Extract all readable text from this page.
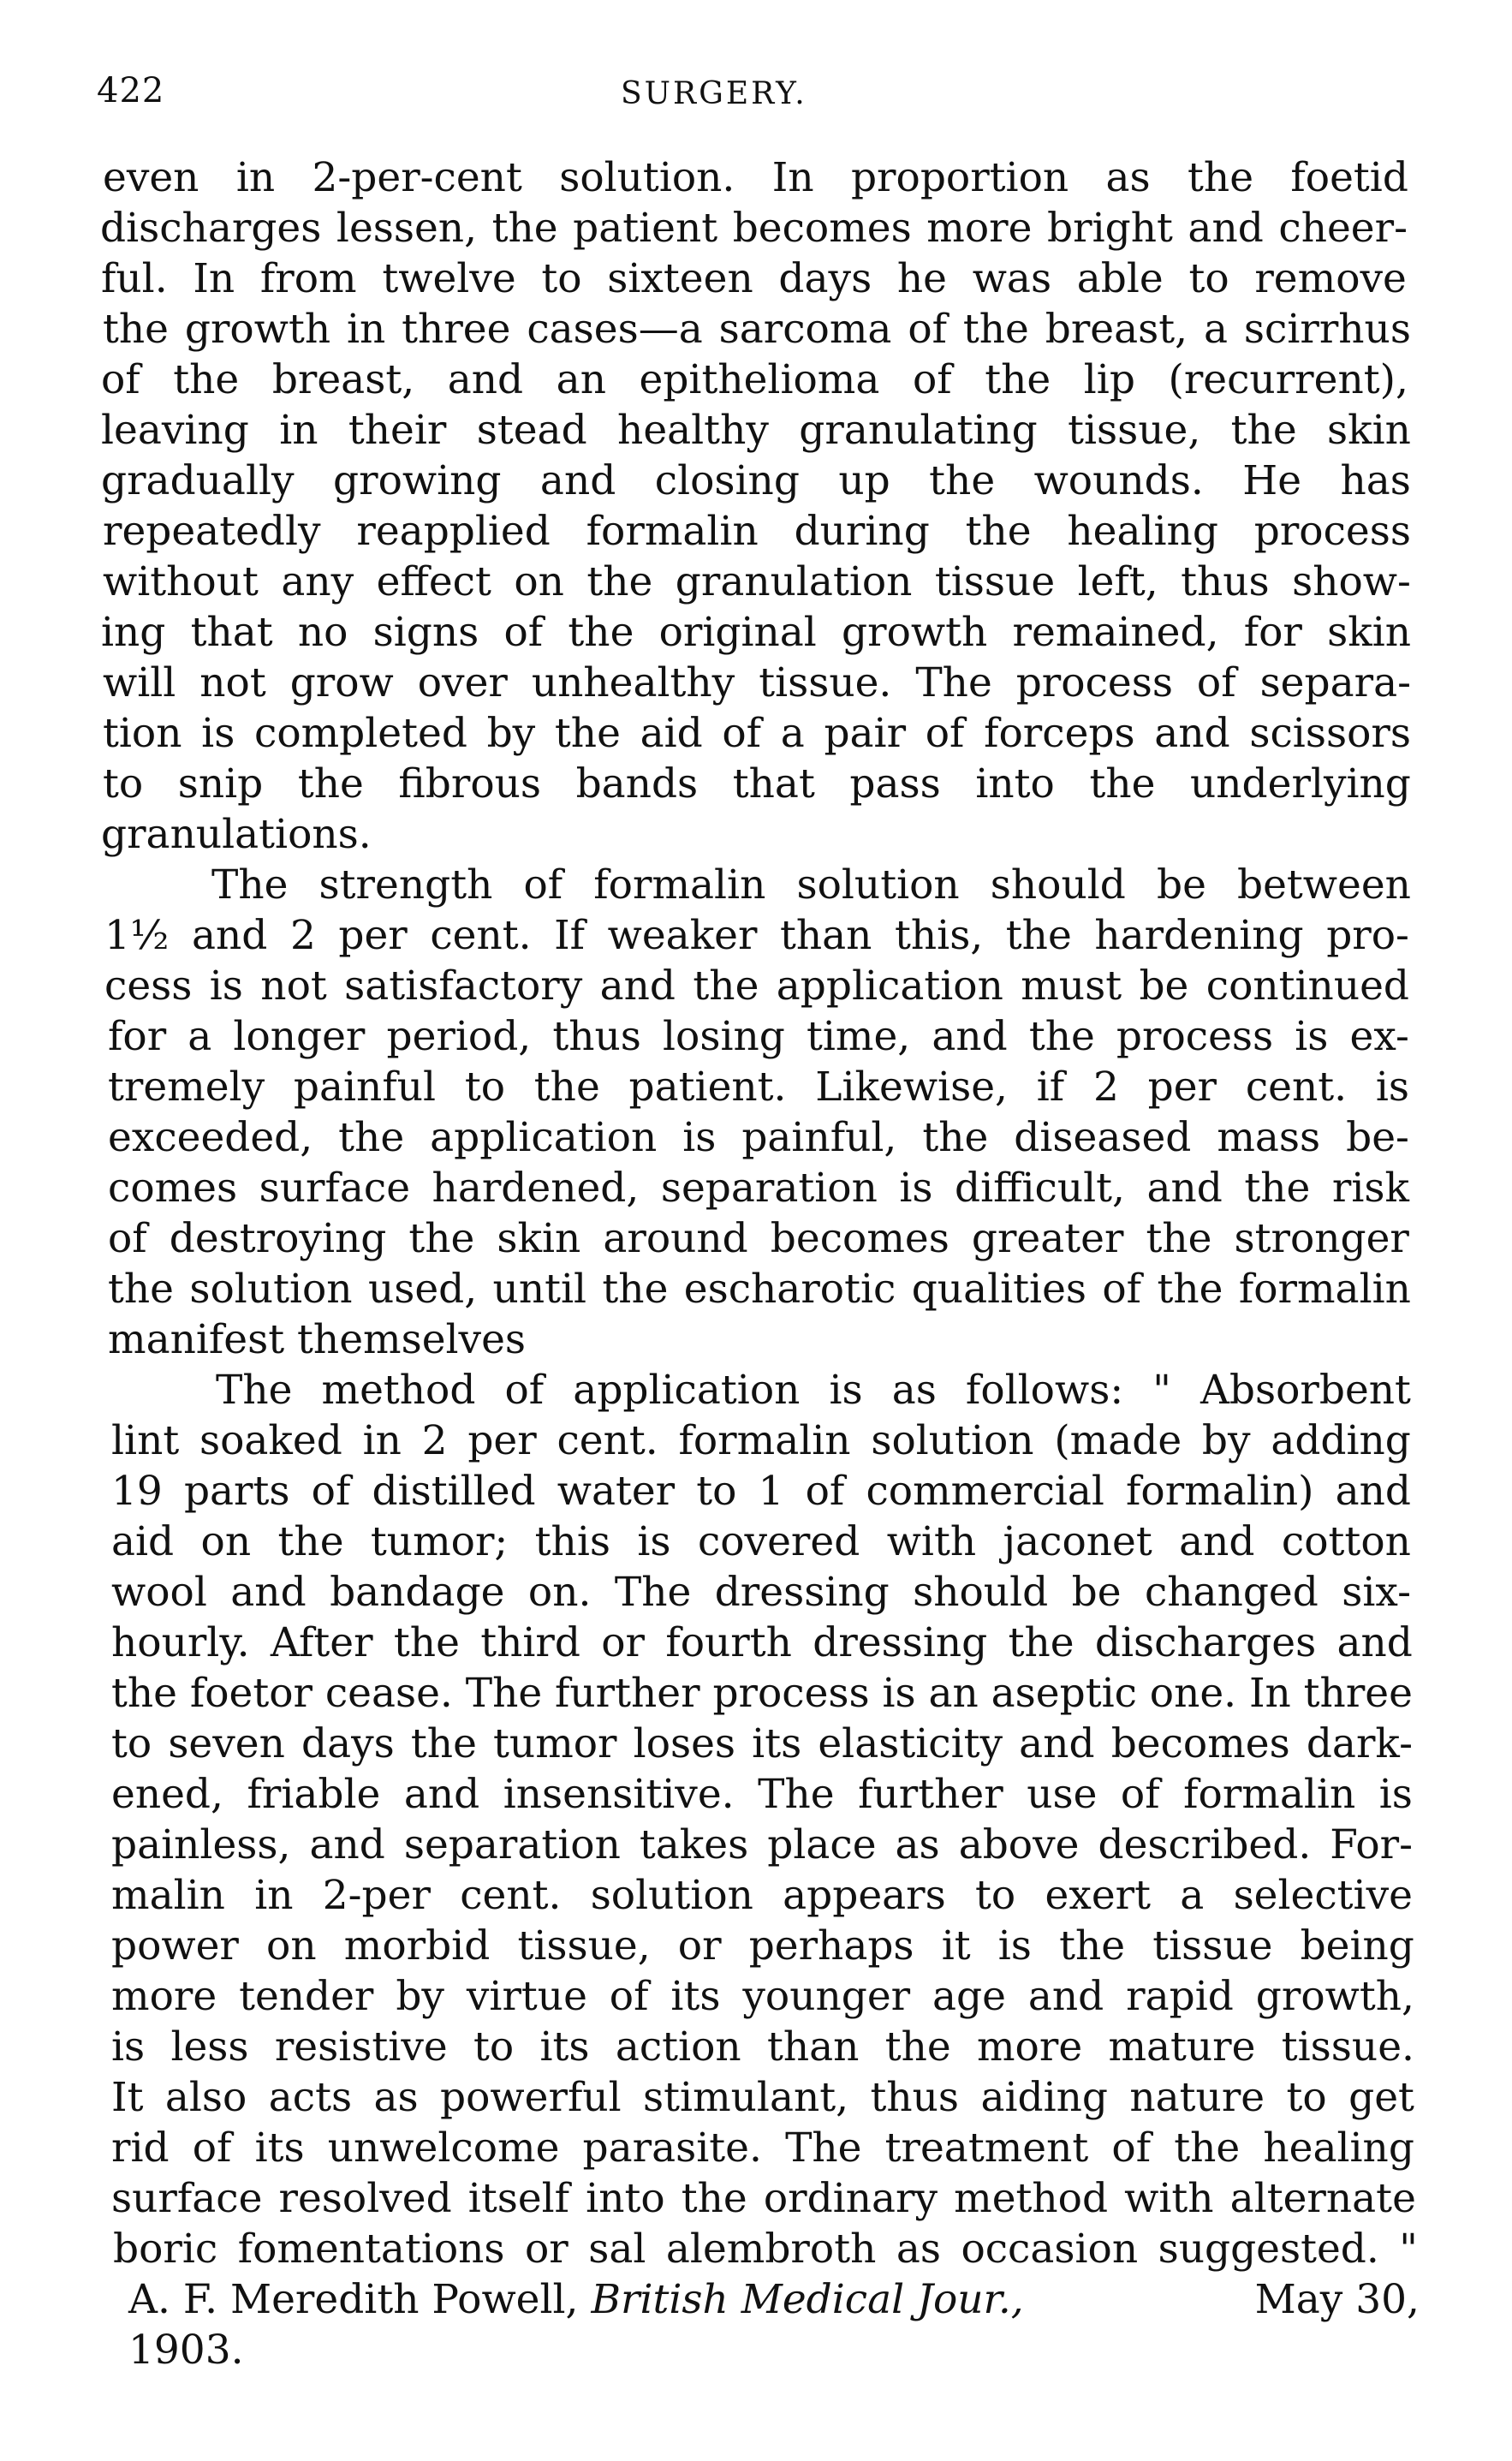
422	SURGERY.
even in 2-per-cent solution. In proportion as the foetid
discharges lessen, the patient becomes more bright and cheer-
ful. In from twelve to sixteen days he was able to remove
the growth in three cases—a sarcoma of the breast, a scirrhus
of the breast, and an epithelioma of the lip (recurrent),
leaving in their stead healthy granulating tissue, the skin
gradually growing and closing up the wounds. He has
repeatedly reapplied formalin during the healing process
without any effect on the granulation tissue left, thus show-
ing that no signs of the original growth remained, for skin
will not grow over unhealthy tissue. The process of separa-
tion is completed by the aid of a pair of forceps and scissors
to snip the fibrous bands that pass into the underlying
granulations.
The strength of formalin solution should be between
1½ and 2 per cent. If weaker than this, the hardening pro-
cess is not satisfactory and the application must be continued
for a longer period, thus losing time, and the process is ex-
tremely painful to the patient. Likewise, if 2 per cent. is
exceeded, the application is painful, the diseased mass be-
comes surface hardened, separation is difficult, and the risk
of destroying the skin around becomes greater the stronger
the solution used, until the escharotic qualities of the formalin
manifest themselves
The method of application is as follows: " Absorbent
lint soaked in 2 per cent. formalin solution (made by adding
19 parts of distilled water to 1 of commercial formalin) and
aid on the tumor; this is covered with jaconet and cotton
wool and bandage on. The dressing should be changed six-
hourly. After the third or fourth dressing the discharges and
the foetor cease. The further process is an aseptic one. In three
to seven days the tumor loses its elasticity and becomes dark-
ened, friable and insensitive. The further use of formalin is
painless, and separation takes place as above described. For-
malin in 2-per cent. solution appears to exert a selective
power on morbid tissue, or perhaps it is the tissue being
more tender by virtue of its younger age and rapid growth,
is less resistive to its action than the more mature tissue.
It also acts as powerful stimulant, thus aiding nature to get
rid of its unwelcome parasite. The treatment of the healing
surface resolved itself into the ordinary method with alternate
boric fomentations or sal alembroth as occasion suggested. "
A. F. Meredith Powell, British Medical Jour.,	May 30,
1903.
